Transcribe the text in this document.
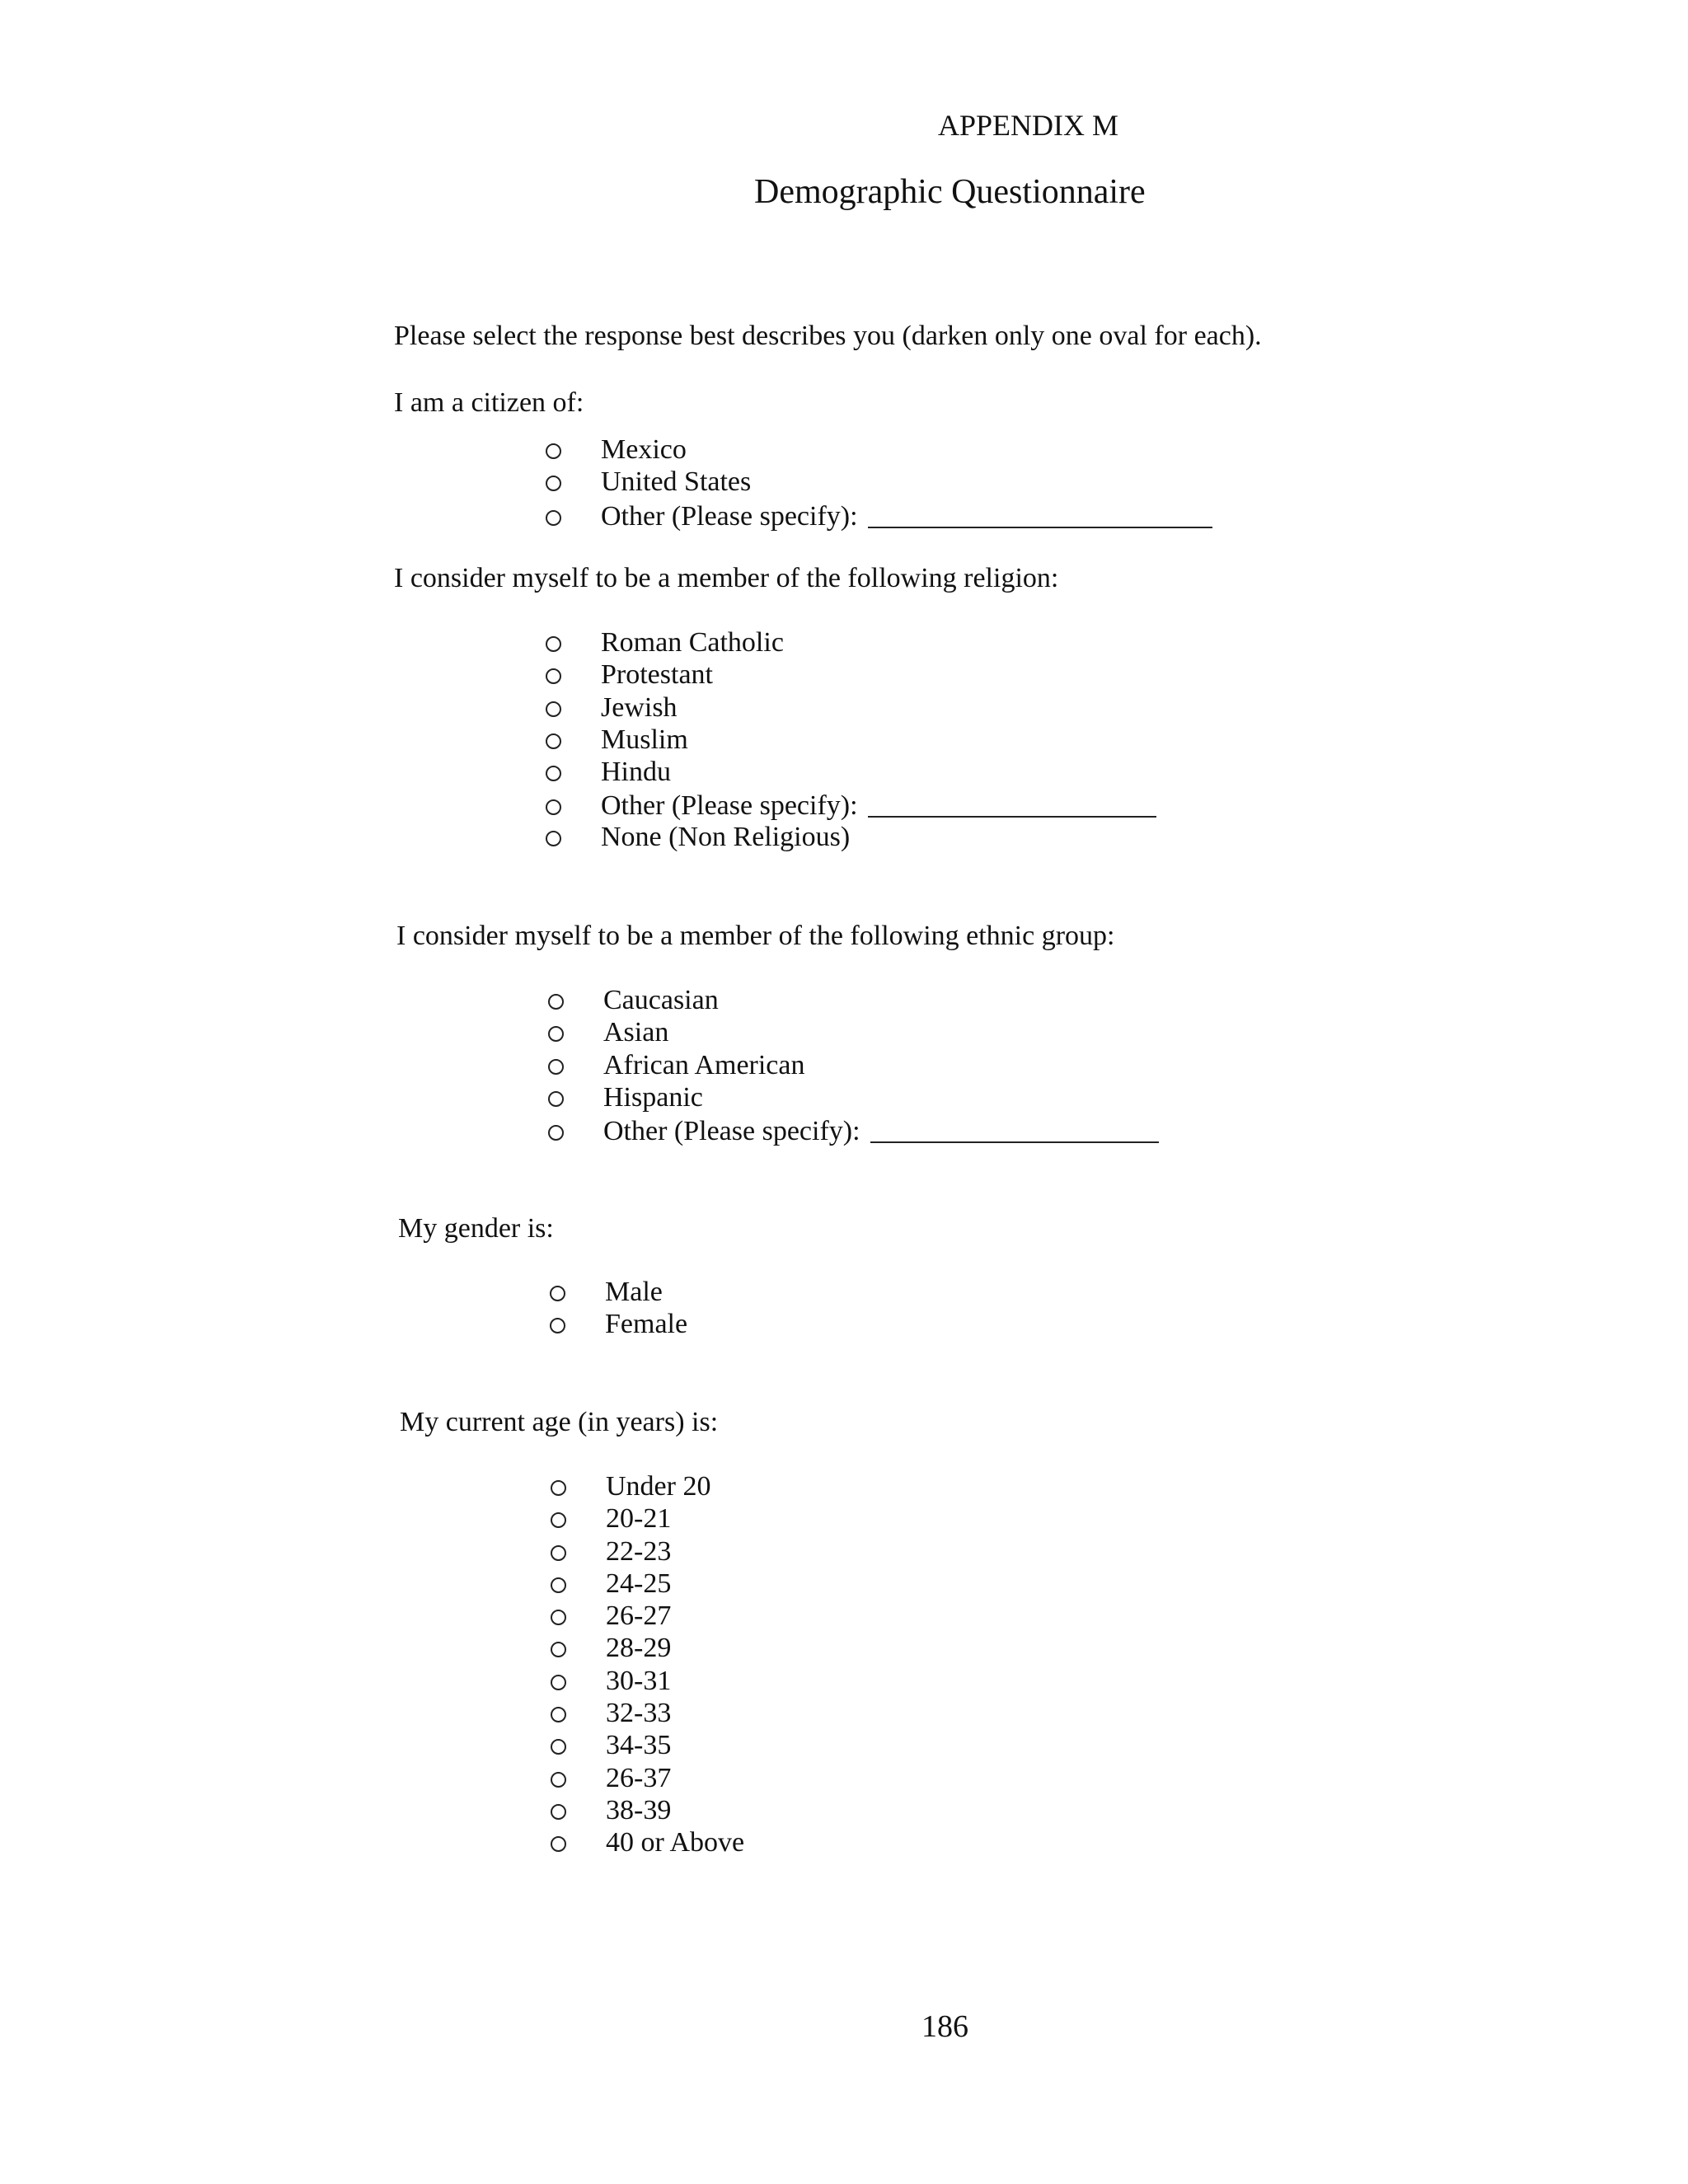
APPENDIX M
Demographic Questionnaire
Please select the response best describes you (darken only one oval for each).
I am a citizen of:
Mexico
United States
Other (Please specify):
I consider myself to be a member of the following religion:
Roman Catholic
Protestant
Jewish
Muslim
Hindu
Other (Please specify):
None (Non Religious)
I consider myself to be a member of the following ethnic group:
Caucasian
Asian
African American
Hispanic
Other (Please specify):
My gender is:
Male
Female
My current age (in years) is:
Under 20
20-21
22-23
24-25
26-27
28-29
30-31
32-33
34-35
26-37
38-39
40 or Above
186
